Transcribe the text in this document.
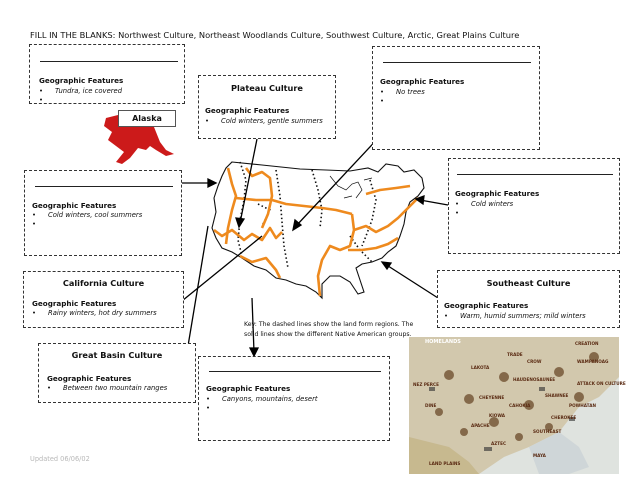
FILL IN THE BLANKS: Northwest Culture, Northeast Woodlands Culture, Southwest Culture, Arctic, Great Plains Culture
Alaska
Geographic Features
• Tundra, ice covered
•
Plateau Culture
Geographic Features
• Cold winters, gentle summers
Geographic Features
• No trees
•
Geographic Features
• Cold winters
•
Geographic Features
• Cold winters, cool summers
•
California Culture
Geographic Features
• Rainy winters, hot dry summers
Southeast Culture
Geographic Features
• Warm, humid summers; mild winters
Great Basin Culture
Geographic Features
• Between two mountain ranges	Geographic Features
• Canyons, mountains, desert
•
Key: The dashed lines show the land form regions. The solid lines show the different Native American groups.
HOMELANDS	CREATION
CROW
TRADE
LAKOTA
NEZ PERCE
HAUDENOSAUNEE
WAMPANOAG
ATTACK ON CULTURE
CHEYENNE
CAHOKIA
SHAWNEE
POWHATAN
DINE
KIOWA
APACHE
CHEROKEE
SOUTHEAST
AZTEC
MAYA
LAND PLAINS
Updated 06/06/02
